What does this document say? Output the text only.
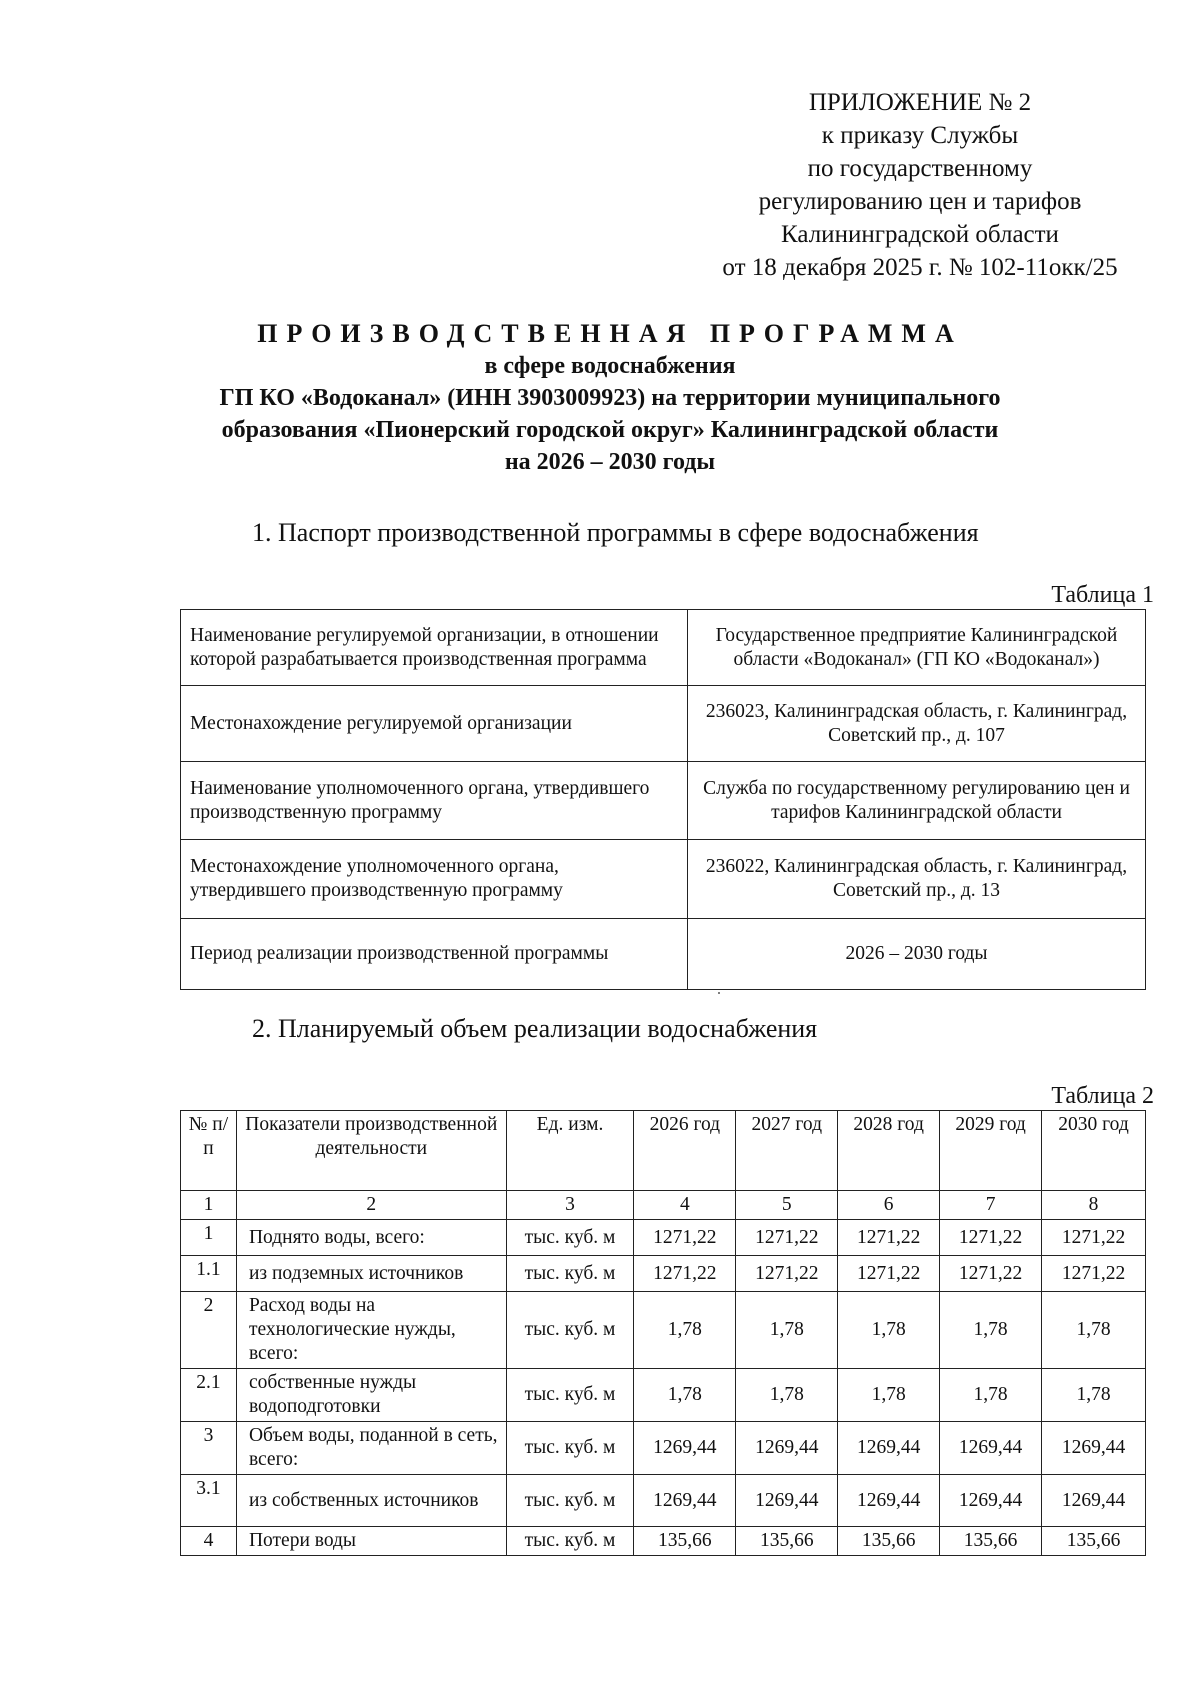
ПРИЛОЖЕНИЕ № 2
к приказу Службы
по государственному
регулированию цен и тарифов
Калининградской области
от 18 декабря 2025 г. № 102-11окк/25
ПРОИЗВОДСТВЕННАЯ ПРОГРАММА
в сфере водоснабжения
ГП КО «Водоканал» (ИНН 3903009923) на территории муниципального
образования «Пионерский городской округ» Калининградской области
на 2026 – 2030 годы
1. Паспорт производственной программы в сфере водоснабжения
Таблица 1
Наименование регулируемой организации, в отношении которой разрабатывается производственная программа	Государственное предприятие Калининградской области «Водоканал» (ГП КО «Водоканал»)
Местонахождение регулируемой организации	236023, Калининградская область, г. Калининград, Советский пр., д. 107
Наименование уполномоченного органа, утвердившего производственную программу	Служба по государственному регулированию цен и тарифов Калининградской области
Местонахождение уполномоченного органа, утвердившего производственную программу	236022, Калининградская область, г. Калининград, Советский пр., д. 13
Период реализации производственной программы	2026 – 2030 годы
2. Планируемый объем реализации водоснабжения
Таблица 2
№ п/п	Показатели производственной деятельности	Ед. изм.	2026 год	2027 год	2028 год	2029 год	2030 год
1	2	3	4	5	6	7	8
1	Поднято воды, всего:	тыс. куб. м	1271,22	1271,22	1271,22	1271,22	1271,22
1.1	из подземных источников	тыс. куб. м	1271,22	1271,22	1271,22	1271,22	1271,22
2	Расход воды на технологические нужды, всего:	тыс. куб. м	1,78	1,78	1,78	1,78	1,78
2.1	собственные нужды водоподготовки	тыс. куб. м	1,78	1,78	1,78	1,78	1,78
3	Объем воды, поданной в сеть, всего:	тыс. куб. м	1269,44	1269,44	1269,44	1269,44	1269,44
3.1	из собственных источников	тыс. куб. м	1269,44	1269,44	1269,44	1269,44	1269,44
4	Потери воды	тыс. куб. м	135,66	135,66	135,66	135,66	135,66
